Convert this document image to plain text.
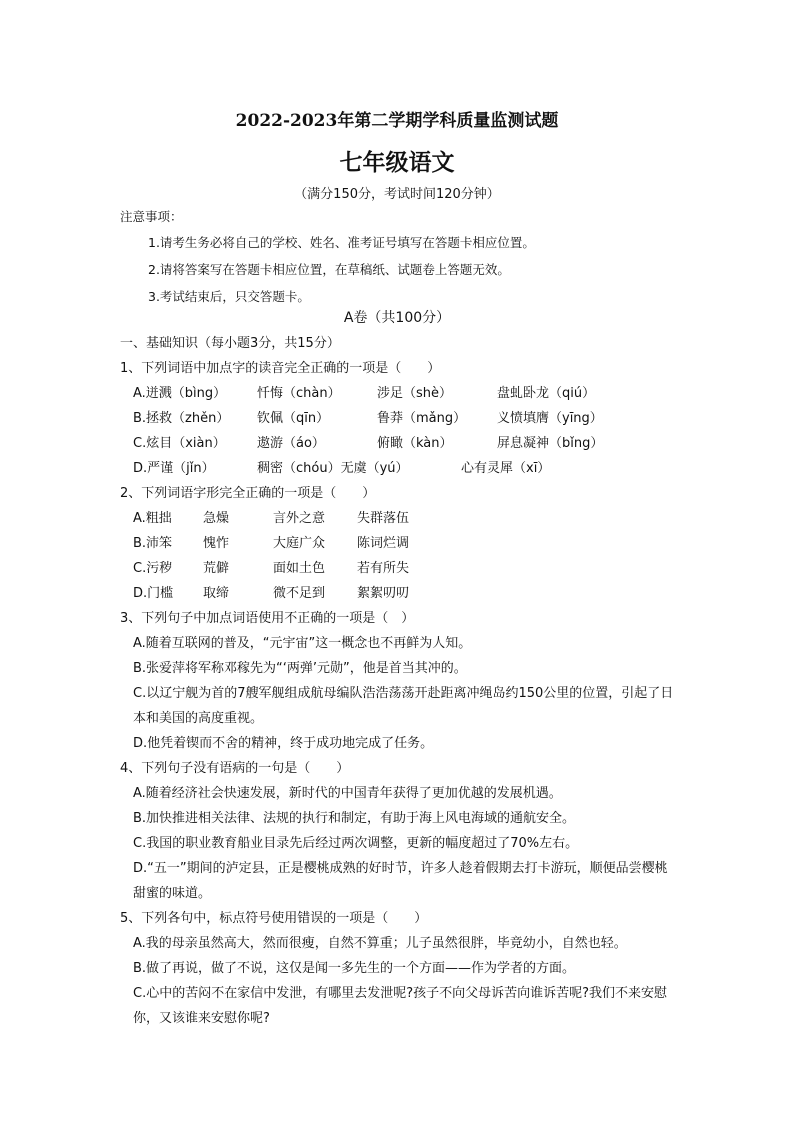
2022-2023年第二学期学科质量监测试题
七年级语文
（满分150分，考试时间120分钟）
注意事项：
1.请考生务必将自己的学校、姓名、准考证号填写在答题卡相应位置。
2.请将答案写在答题卡相应位置，在草稿纸、试题卷上答题无效。
3.考试结束后，只交答题卡。
A卷（共100分）
一、基础知识（每小题3分，共15分）
1、下列词语中加点字的读音完全正确的一项是（　　）
A.迸溅（bìng） 忏悔（chàn）	涉足（shè）	盘虬卧龙（qiú）
B.拯救（zhěn） 钦佩（qīn）	鲁莽（mǎng） 义愤填膺（yīng）
C.炫目（xiàn） 遨游（áo）	俯瞰（kàn）	屏息凝神（bǐng）
D.严谨（jǐn）	稠密（chóu）无虞（yú）	心有灵犀（xī）
2、下列词语字形完全正确的一项是（　　）
A.粗拙 急燥	言外之意 失群落伍
B.沛笨 愧怍	大庭广众 陈词烂调
C.污秽 荒僻	面如土色 若有所失
D.门槛 取缔	微不足到 絮絮叨叨
3、下列句子中加点词语使用不正确的一项是（　）
A.随着互联网的普及，“元宇宙”这一概念也不再鲜为人知。
B.张爱萍将军称邓稼先为“‘两弹’元勋”，他是首当其冲的。
C.以辽宁舰为首的7艘军舰组成航母编队浩浩荡荡开赴距离冲绳岛约150公里的位置，引起了日本和美国的高度重视。
D.他凭着锲而不舍的精神，终于成功地完成了任务。
4、下列句子没有语病的一句是（　　）
A.随着经济社会快速发展，新时代的中国青年获得了更加优越的发展机遇。
B.加快推进相关法律、法规的执行和制定，有助于海上风电海域的通航安全。
C.我国的职业教育船业目录先后经过两次调整，更新的幅度超过了70%左右。
D.“五一”期间的泸定县，正是樱桃成熟的好时节，许多人趁着假期去打卡游玩，顺便品尝樱桃甜蜜的味道。
5、下列各句中，标点符号使用错误的一项是（　　）
A.我的母亲虽然高大，然而很瘦，自然不算重；儿子虽然很胖，毕竟幼小，自然也轻。
B.做了再说，做了不说，这仅是闻一多先生的一个方面——作为学者的方面。
C.心中的苦闷不在家信中发泄，有哪里去发泄呢?孩子不向父母诉苦向谁诉苦呢?我们不来安慰你，又该谁来安慰你呢?
